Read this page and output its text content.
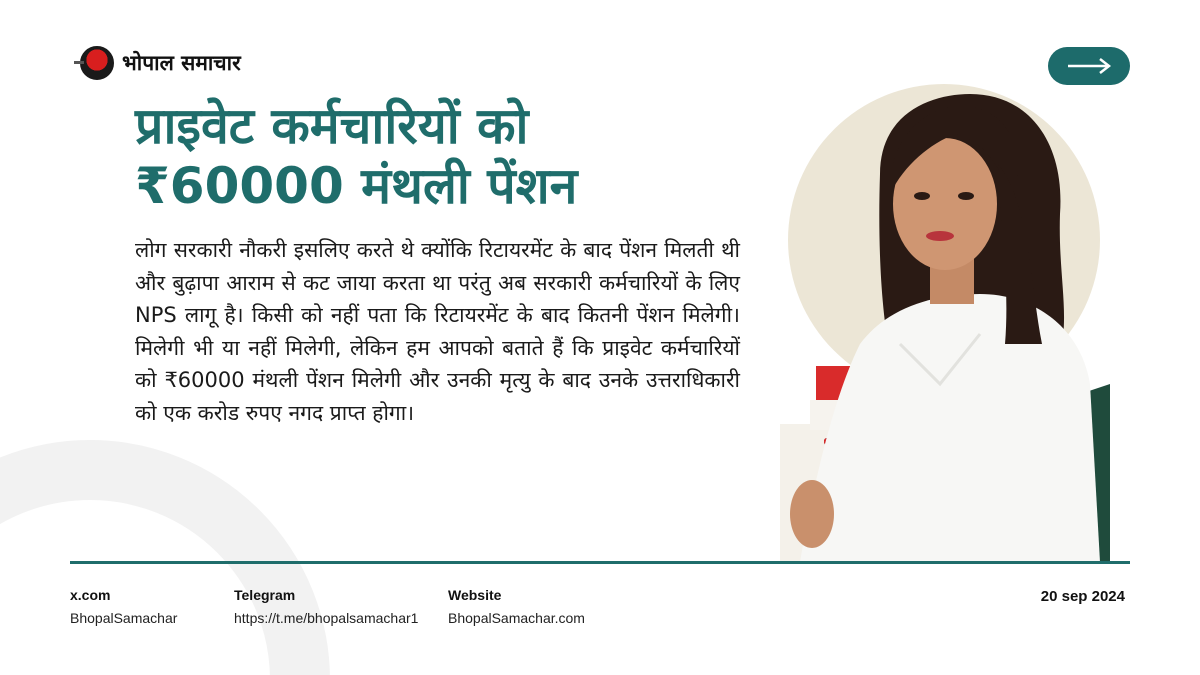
भोपाल समाचार
प्राइवेट कर्मचारियों को
₹60000 मंथली पेंशन

लोग सरकारी नौकरी इसलिए करते थे क्योंकि रिटायरमेंट के बाद पेंशन मिलती थी और बुढ़ापा आराम से कट जाया करता था परंतु अब सरकारी कर्मचारियों के लिए NPS लागू है। किसी को नहीं पता कि रिटायरमेंट के बाद कितनी पेंशन मिलेगी। मिलेगी भी या नहीं मिलेगी, लेकिन हम आपको बताते हैं कि प्राइवेट कर्मचारियों को ₹60000 मंथली पेंशन मिलेगी और उनकी मृत्यु के बाद उनके उत्तराधिकारी को एक करोड रुपए नगद प्राप्त होगा।

x.com
BhopalSamachar
Telegram
https://t.me/bhopalsamachar1
Website
BhopalSamachar.com
20 sep 2024
